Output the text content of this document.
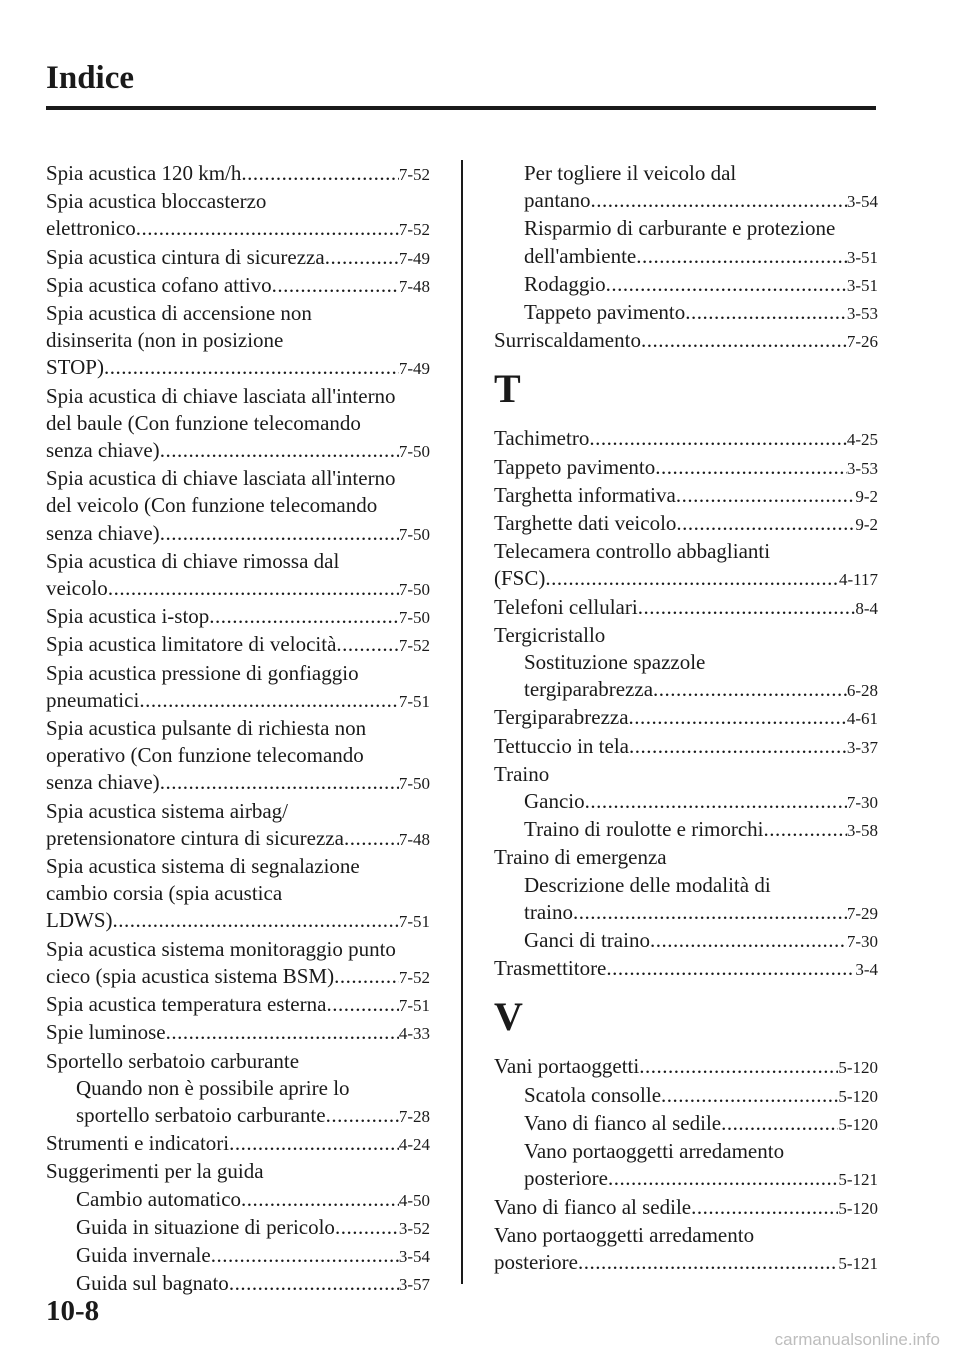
Indice
Spia acustica 120 km/h .....	7-52
Spia acustica bloccasterzo
elettronico .....	7-52
Spia acustica cintura di sicurezza .....	7-49
Spia acustica cofano attivo .....	7-48
Spia acustica di accensione non
disinserita (non in posizione
STOP) .....	7-49
Spia acustica di chiave lasciata all'interno
del baule (Con funzione telecomando
senza chiave) .....	7-50
Spia acustica di chiave lasciata all'interno
del veicolo (Con funzione telecomando
senza chiave) .....	7-50
Spia acustica di chiave rimossa dal
veicolo .....	7-50
Spia acustica i-stop .....	7-50
Spia acustica limitatore di velocità .....	7-52
Spia acustica pressione di gonfiaggio
pneumatici .....	7-51
Spia acustica pulsante di richiesta non
operativo (Con funzione telecomando
senza chiave) .....	7-50
Spia acustica sistema airbag/
pretensionatore cintura di sicurezza .....	7-48
Spia acustica sistema di segnalazione
cambio corsia (spia acustica
LDWS) .....	7-51
Spia acustica sistema monitoraggio punto
cieco (spia acustica sistema BSM) .....	7-52
Spia acustica temperatura esterna .....	7-51
Spie luminose .....	4-33
Sportello serbatoio carburante
Quando non è possibile aprire lo
sportello serbatoio carburante .....	7-28
Strumenti e indicatori .....	4-24
Suggerimenti per la guida
Cambio automatico .....	4-50
Guida in situazione di pericolo .....	3-52
Guida invernale .....	3-54
Guida sul bagnato .....	3-57
Per togliere il veicolo dal
pantano .....	3-54
Risparmio di carburante e protezione
dell'ambiente .....	3-51
Rodaggio .....	3-51
Tappeto pavimento .....	3-53
Surriscaldamento .....	7-26
T
Tachimetro .....	4-25
Tappeto pavimento .....	3-53
Targhetta informativa .....	9-2
Targhette dati veicolo .....	9-2
Telecamera controllo abbaglianti
(FSC) .....	4-117
Telefoni cellulari .....	8-4
Tergicristallo
Sostituzione spazzole
tergiparabrezza .....	6-28
Tergiparabrezza .....	4-61
Tettuccio in tela .....	3-37
Traino
Gancio .....	7-30
Traino di roulotte e rimorchi .....	3-58
Traino di emergenza
Descrizione delle modalità di
traino .....	7-29
Ganci di traino .....	7-30
Trasmettitore .....	3-4
V
Vani portaoggetti .....	5-120
Scatola consolle .....	5-120
Vano di fianco al sedile .....	5-120
Vano portaoggetti arredamento
posteriore .....	5-121
Vano di fianco al sedile .....	5-120
Vano portaoggetti arredamento
posteriore .....	5-121
10-8
carmanualsonline.info
